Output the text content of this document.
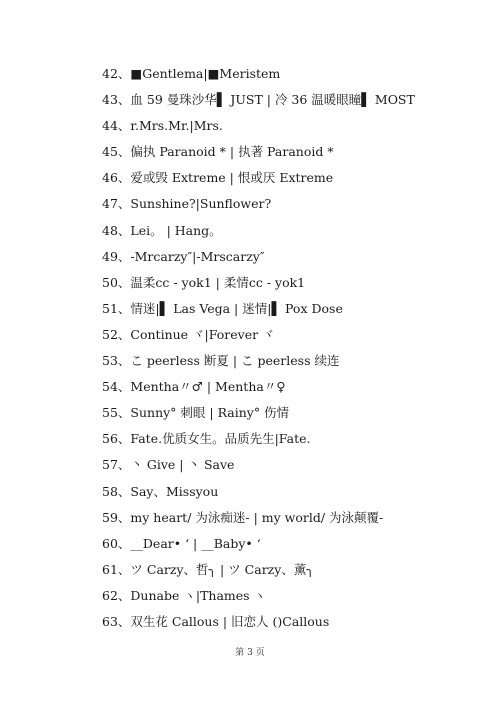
42、■Gentlema|■Meristem
43、血 59 曼珠沙华▌ JUST | 冷 36 温暖眼瞳▌ MOST
44、r.Mrs.Mr.|Mrs.
45、偏执 Paranoid * | 执著 Paranoid *
46、爱或毁 Extreme | 恨或厌 Extreme
47、Sunshine?|Sunflower?
48、Lei。 | Hang。
49、-Mrcarzy″|-Mrscarzy″
50、温柔cc - yok1 | 柔情cc - yok1
51、情迷|▌ Las Vega | 迷情|▌ Pox Dose
52、Continue ヾ|Forever ヾ
53、こ peerless 断夏 | こ peerless 续连
54、Mentha〃♂ | Mentha〃♀
55、Sunny° 刺眼 | Rainy° 伤情
56、Fate.优质女生。品质先生|Fate.
57、丶 Give | 丶 Save
58、Say、Missyou
59、my heart/ 为泳痴迷- | my world/ 为泳颠覆-
60、__Dear• ‘ | __Baby• ‘
61、ツ Carzy、哲╮ | ツ Carzy、薰╮
62、Dunabe ヽ|Thames ヽ
63、双生花 Callous | 旧恋人 ()Callous
第 3 页
